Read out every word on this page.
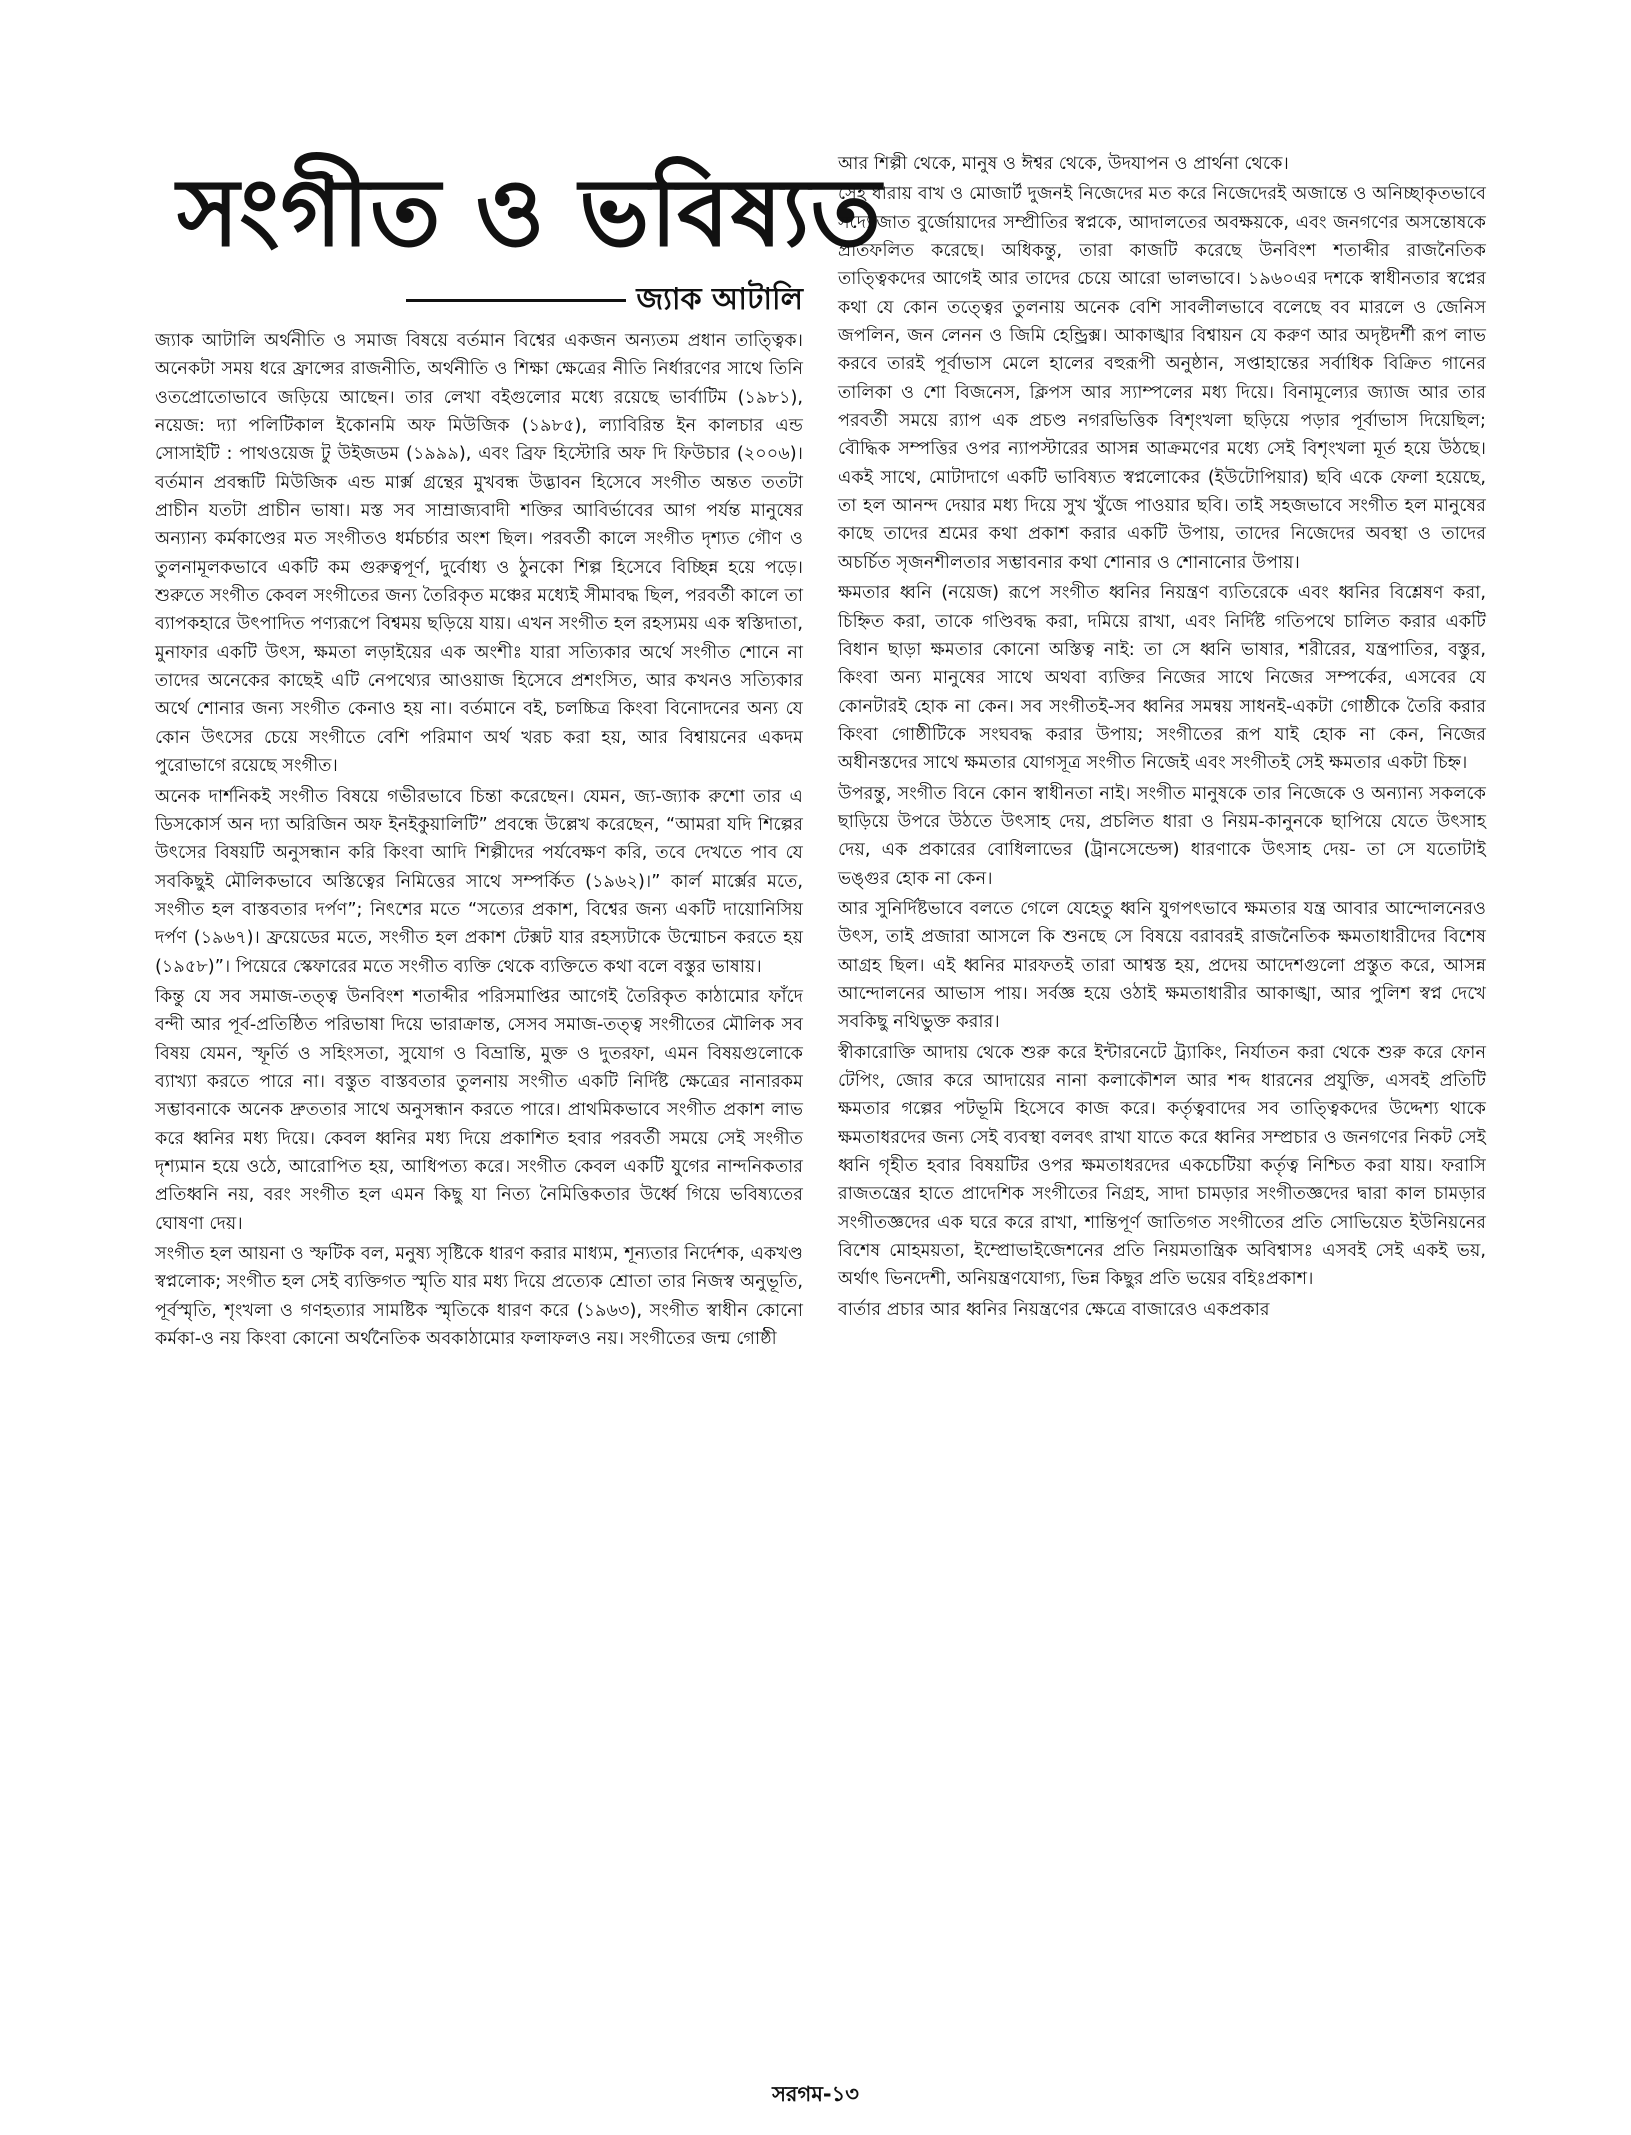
সংগীত ও ভবিষ্যত
জ্যাক আটালি

জ্যাক আটালি অর্থনীতি ও সমাজ বিষয়ে বর্তমান বিশ্বের একজন অন্যতম প্রধান তাত্ত্বিক। অনেকটা সময় ধরে ফ্রান্সের রাজনীতি, অর্থনীতি ও শিক্ষা ক্ষেত্রের নীতি নির্ধারণের সাথে তিনি ওতপ্রোতোভাবে জড়িয়ে আছেন। তার লেখা বইগুলোর মধ্যে রয়েছে ভার্বাটিম (১৯৮১), নয়েজ: দ্যা পলিটিকাল ইকোনমি অফ মিউজিক (১৯৮৫), ল্যাবিরিন্ত ইন কালচার এন্ড সোসাইটি : পাথওয়েজ টু উইজডম (১৯৯৯), এবং ব্রিফ হিস্টোরি অফ দি ফিউচার (২০০৬)। বর্তমান প্রবন্ধটি মিউজিক এন্ড মার্ক্স গ্রন্থের মুখবন্ধ উদ্ভাবন হিসেবে সংগীত অন্তত ততটা প্রাচীন যতটা প্রাচীন ভাষা। মস্ত সব সাম্রাজ্যবাদী শক্তির আবির্ভাবের আগ পর্যন্ত মানুষের অন্যান্য কর্মকাণ্ডের মত সংগীতও ধর্মচর্চার অংশ ছিল। পরবর্তী কালে সংগীত দৃশ্যত গৌণ ও তুলনামূলকভাবে একটি কম গুরুত্বপূর্ণ, দুর্বোধ্য ও ঠুনকো শিল্প হিসেবে বিচ্ছিন্ন হয়ে পড়ে। শুরুতে সংগীত কেবল সংগীতের জন্য তৈরিকৃত মঞ্চের মধ্যেই সীমাবদ্ধ ছিল, পরবর্তী কালে তা ব্যাপকহারে উৎপাদিত পণ্যরূপে বিশ্বময় ছড়িয়ে যায়। এখন সংগীত হল রহস্যময় এক স্বস্তিদাতা, মুনাফার একটি উৎস, ক্ষমতা লড়াইয়ের এক অংশীঃ যারা সত্যিকার অর্থে সংগীত শোনে না তাদের অনেকের কাছেই এটি নেপথ্যের আওয়াজ হিসেবে প্রশংসিত, আর কখনও সত্যিকার অর্থে শোনার জন্য সংগীত কেনাও হয় না। বর্তমানে বই, চলচ্চিত্র কিংবা বিনোদনের অন্য যে কোন উৎসের চেয়ে সংগীতে বেশি পরিমাণ অর্থ খরচ করা হয়, আর বিশ্বায়নের একদম পুরোভাগে রয়েছে সংগীত।

অনেক দার্শনিকই সংগীত বিষয়ে গভীরভাবে চিন্তা করেছেন। যেমন, জ্য-জ্যাক রুশো তার এ ডিসকোর্স অন দ্যা অরিজিন অফ ইনইকুয়ালিটি” প্রবন্ধে উল্লেখ করেছেন, “আমরা যদি শিল্পের উৎসের বিষয়টি অনুসন্ধান করি কিংবা আদি শিল্পীদের পর্যবেক্ষণ করি, তবে দেখতে পাব যে সবকিছুই মৌলিকভাবে অস্তিত্বের নিমিত্তের সাথে সম্পর্কিত (১৯৬২)।” কার্ল মার্ক্সের মতে, সংগীত হল বাস্তবতার দর্পণ”; নিৎশের মতে “সত্যের প্রকাশ, বিশ্বের জন্য একটি দায়োনিসিয় দর্পণ (১৯৬৭)। ফ্রয়েডের মতে, সংগীত হল প্রকাশ টেক্সট যার রহস্যটাকে উন্মোচন করতে হয় (১৯৫৮)”। পিয়েরে স্কেফারের মতে সংগীত ব্যক্তি থেকে ব্যক্তিতে কথা বলে বস্তুর ভাষায়।

কিন্তু যে সব সমাজ-তত্ত্ব উনবিংশ শতাব্দীর পরিসমাপ্তির আগেই তৈরিকৃত কাঠামোর ফাঁদে বন্দী আর পূর্ব-প্রতিষ্ঠিত পরিভাষা দিয়ে ভারাক্রান্ত, সেসব সমাজ-তত্ত্ব সংগীতের মৌলিক সব বিষয় যেমন, স্ফূর্তি ও সহিংসতা, সুযোগ ও বিভ্রান্তি, মুক্ত ও দুতরফা, এমন বিষয়গুলোকে ব্যাখ্যা করতে পারে না। বস্তুত বাস্তবতার তুলনায় সংগীত একটি নির্দিষ্ট ক্ষেত্রের নানারকম সম্ভাবনাকে অনেক দ্রুততার সাথে অনুসন্ধান করতে পারে। প্রাথমিকভাবে সংগীত প্রকাশ লাভ করে ধ্বনির মধ্য দিয়ে। কেবল ধ্বনির মধ্য দিয়ে প্রকাশিত হবার পরবর্তী সময়ে সেই সংগীত দৃশ্যমান হয়ে ওঠে, আরোপিত হয়, আধিপত্য করে। সংগীত কেবল একটি যুগের নান্দনিকতার প্রতিধ্বনি নয়, বরং সংগীত হল এমন কিছু যা নিত্য নৈমিত্তিকতার উর্ধ্বে গিয়ে ভবিষ্যতের ঘোষণা দেয়।

সংগীত হল আয়না ও স্ফটিক বল, মনুষ্য সৃষ্টিকে ধারণ করার মাধ্যম, শূন্যতার নির্দেশক, একখণ্ড স্বপ্নলোক; সংগীত হল সেই ব্যক্তিগত স্মৃতি যার মধ্য দিয়ে প্রত্যেক শ্রোতা তার নিজস্ব অনুভূতি, পূর্বস্মৃতি, শৃংখলা ও গণহত্যার সামষ্টিক স্মৃতিকে ধারণ করে (১৯৬৩), সংগীত স্বাধীন কোনো কর্মকা-ও নয় কিংবা কোনো অর্থনৈতিক অবকাঠামোর ফলাফলও নয়। সংগীতের জন্ম গোষ্ঠী

আর শিল্পী থেকে, মানুষ ও ঈশ্বর থেকে, উদযাপন ও প্রার্থনা থেকে।

সেই ধারায় বাখ ও মোজার্ট দুজনই নিজেদের মত করে নিজেদেরই অজান্তে ও অনিচ্ছাকৃতভাবে সদ্যোজাত বুর্জোয়াদের সম্প্রীতির স্বপ্নকে, আদালতের অবক্ষয়কে, এবং জনগণের অসন্তোষকে প্রতিফলিত করেছে। অধিকন্তু, তারা কাজটি করেছে উনবিংশ শতাব্দীর রাজনৈতিক তাত্ত্বিকদের আগেই আর তাদের চেয়ে আরো ভালভাবে। ১৯৬০এর দশকে স্বাধীনতার স্বপ্নের কথা যে কোন তত্ত্বের তুলনায় অনেক বেশি সাবলীলভাবে বলেছে বব মারলে ও জেনিস জপলিন, জন লেনন ও জিমি হেন্ড্রিক্স। আকাঙ্খার বিশ্বায়ন যে করুণ আর অদৃষ্টদর্শী রূপ লাভ করবে তারই পূর্বাভাস মেলে হালের বহুরূপী অনুষ্ঠান, সপ্তাহান্তের সর্বাধিক বিক্রিত গানের তালিকা ও শো বিজনেস, ক্লিপস আর স্যাম্পলের মধ্য দিয়ে। বিনামূল্যের জ্যাজ আর তার পরবর্তী সময়ে র‍্যাপ এক প্রচণ্ড নগরভিত্তিক বিশৃংখলা ছড়িয়ে পড়ার পূর্বাভাস দিয়েছিল; বৌদ্ধিক সম্পত্তির ওপর ন্যাপস্টারের আসন্ন আক্রমণের মধ্যে সেই বিশৃংখলা মূর্ত হয়ে উঠছে। একই সাথে, মোটাদাগে একটি ভাবিষ্যত স্বপ্নলোকের (ইউটোপিয়ার) ছবি একে ফেলা হয়েছে, তা হল আনন্দ দেয়ার মধ্য দিয়ে সুখ খুঁজে পাওয়ার ছবি। তাই সহজভাবে সংগীত হল মানুষের কাছে তাদের শ্রমের কথা প্রকাশ করার একটি উপায়, তাদের নিজেদের অবস্থা ও তাদের অচর্চিত সৃজনশীলতার সম্ভাবনার কথা শোনার ও শোনানোর উপায়।

ক্ষমতার ধ্বনি (নয়েজ) রূপে সংগীত ধ্বনির নিয়ন্ত্রণ ব্যতিরেকে এবং ধ্বনির বিশ্লেষণ করা, চিহ্নিত করা, তাকে গণ্ডিবদ্ধ করা, দমিয়ে রাখা, এবং নির্দিষ্ট গতিপথে চালিত করার একটি বিধান ছাড়া ক্ষমতার কোনো অস্তিত্ব নাই: তা সে ধ্বনি ভাষার, শরীরের, যন্ত্রপাতির, বস্তুর, কিংবা অন্য মানুষের সাথে অথবা ব্যক্তির নিজের সাথে নিজের সম্পর্কের, এসবের যে কোনটারই হোক না কেন। সব সংগীতই-সব ধ্বনির সমন্বয় সাধনই-একটা গোষ্ঠীকে তৈরি করার কিংবা গোষ্ঠীটিকে সংঘবদ্ধ করার উপায়; সংগীতের রূপ যাই হোক না কেন, নিজের অধীনস্তদের সাথে ক্ষমতার যোগসূত্র সংগীত নিজেই এবং সংগীতই সেই ক্ষমতার একটা চিহ্ন।

উপরন্তু, সংগীত বিনে কোন স্বাধীনতা নাই। সংগীত মানুষকে তার নিজেকে ও অন্যান্য সকলকে ছাড়িয়ে উপরে উঠতে উৎসাহ দেয়, প্রচলিত ধারা ও নিয়ম-কানুনকে ছাপিয়ে যেতে উৎসাহ দেয়, এক প্রকারের বোধিলাভের (ট্রানসেন্ডেন্স) ধারণাকে উৎসাহ দেয়- তা সে যতোটাই ভঙ্গুর হোক না কেন।

আর সুনির্দিষ্টভাবে বলতে গেলে যেহেতু ধ্বনি যুগপৎভাবে ক্ষমতার যন্ত্র আবার আন্দোলনেরও উৎস, তাই প্রজারা আসলে কি শুনছে সে বিষয়ে বরাবরই রাজনৈতিক ক্ষমতাধারীদের বিশেষ আগ্রহ ছিল। এই ধ্বনির মারফতই তারা আশ্বস্ত হয়, প্রদেয় আদেশগুলো প্রস্তুত করে, আসন্ন আন্দোলনের আভাস পায়। সর্বজ্ঞ হয়ে ওঠাই ক্ষমতাধারীর আকাঙ্খা, আর পুলিশ স্বপ্ন দেখে সবকিছু নথিভুক্ত করার।

স্বীকারোক্তি আদায় থেকে শুরু করে ইন্টারনেটে ট্র্যাকিং, নির্যাতন করা থেকে শুরু করে ফোন টেপিং, জোর করে আদায়ের নানা কলাকৌশল আর শব্দ ধারনের প্রযুক্তি, এসবই প্রতিটি ক্ষমতার গল্পের পটভূমি হিসেবে কাজ করে। কর্তৃত্ববাদের সব তাত্ত্বিকদের উদ্দেশ্য থাকে ক্ষমতাধরদের জন্য সেই ব্যবস্থা বলবৎ রাখা যাতে করে ধ্বনির সম্প্রচার ও জনগণের নিকট সেই ধ্বনি গৃহীত হবার বিষয়টির ওপর ক্ষমতাধরদের একচেটিয়া কর্তৃত্ব নিশ্চিত করা যায়। ফরাসি রাজতন্ত্রের হাতে প্রাদেশিক সংগীতের নিগ্রহ, সাদা চামড়ার সংগীতজ্ঞদের দ্বারা কাল চামড়ার সংগীতজ্ঞদের এক ঘরে করে রাখা, শান্তিপূর্ণ জাতিগত সংগীতের প্রতি সোভিয়েত ইউনিয়নের বিশেষ মোহময়তা, ইম্প্রোভাইজেশনের প্রতি নিয়মতান্ত্রিক অবিশ্বাসঃ এসবই সেই একই ভয়, অর্থাৎ ভিনদেশী, অনিয়ন্ত্রণযোগ্য, ভিন্ন কিছুর প্রতি ভয়ের বহিঃপ্রকাশ।

বার্তার প্রচার আর ধ্বনির নিয়ন্ত্রণের ক্ষেত্রে বাজারেও একপ্রকার

সরগম-১৩
